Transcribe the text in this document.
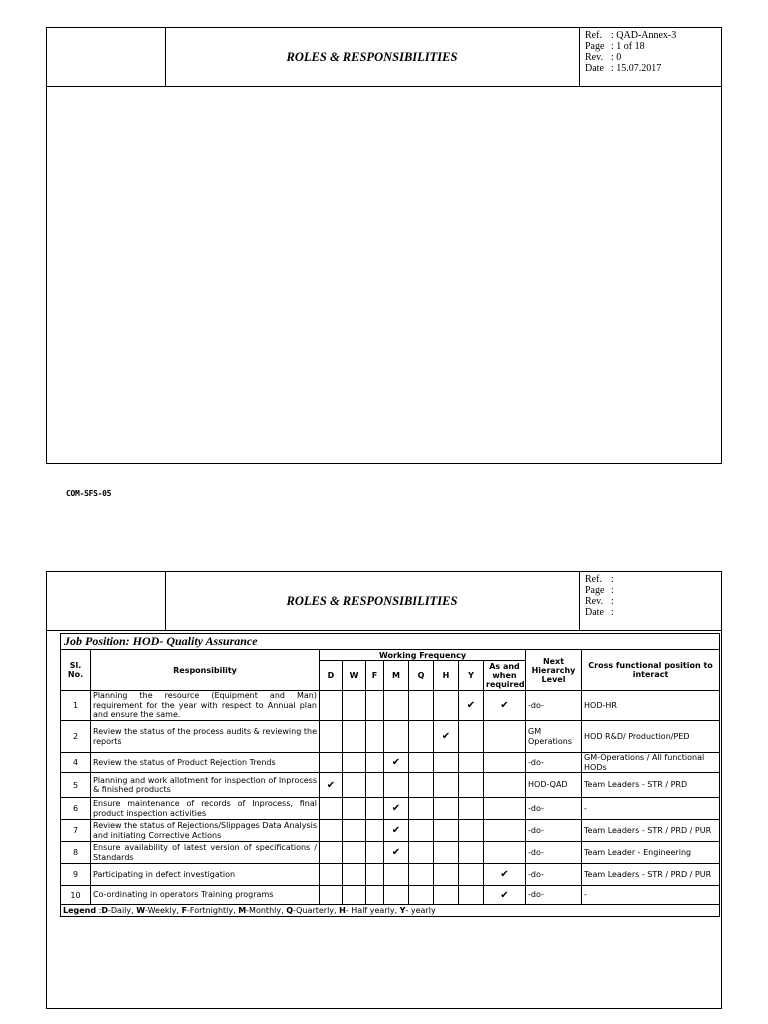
ROLES & RESPONSIBILITIES
Ref. : QAD-Annex-3
Page : 1 of 18
Rev. : 0
Date : 15.07.2017
COM-SFS-05
ROLES & RESPONSIBILITIES
Ref. :
Page :
Rev. :
Date :
Job Position: HOD- Quality Assurance											
Sl. No.	Responsibility	Working Frequency								Next Hierarchy Level	Cross functional position to interact
		D	W	F	M	Q	H	Y	As and when required		
1	Planning the resource (Equipment and Man) requirement for the year with respect to Annual plan and ensure the same.							✔	✔	-do-	HOD-HR
2	Review the status of the process audits & reviewing the reports						✔			GM Operations	HOD R&D/ Production/PED
4	Review the status of Product Rejection Trends				✔					-do-	GM-Operations / All functional HODs
5	Planning and work allotment for inspection of Inprocess & finished products	✔								HOD-QAD	Team Leaders - STR / PRD
6	Ensure maintenance of records of Inprocess, final product inspection activities				✔					-do-	-
7	Review the status of Rejections/Slippages Data Analysis and initiating Corrective Actions				✔					-do-	Team Leaders - STR / PRD / PUR
8	Ensure availability of latest version of specifications / Standards				✔					-do-	Team Leader - Engineering
9	Participating in defect investigation								✔	-do-	Team Leaders - STR / PRD / PUR
10	Co-ordinating in operators Training programs								✔	-do-	-
Legend :D-Daily, W-Weekly, F-Fortnightly, M-Monthly, Q-Quarterly, H- Half yearly, Y- yearly											
